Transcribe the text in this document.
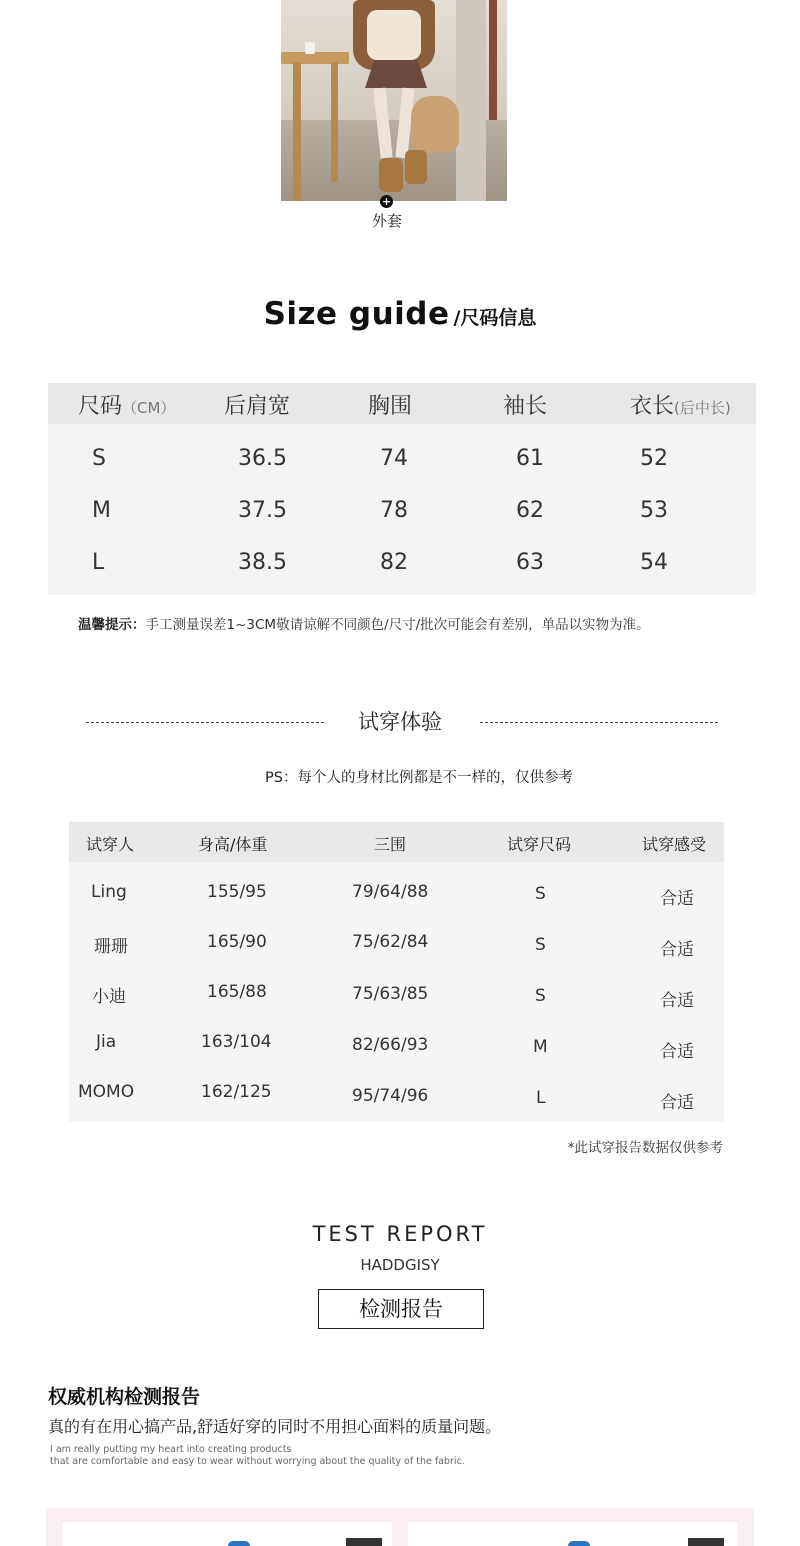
+
外套
Size guide /尺码信息
尺码（CM） 后肩宽	胸围	袖长	衣长(后中长)
S	36.5	74	61	52
M	37.5	78	62	53
L	38.5	82	63	54
温馨提示：手工测量误差1~3CM敬请谅解不同颜色/尺寸/批次可能会有差别，单品以实物为准。
试穿体验
PS：每个人的身材比例都是不一样的，仅供参考
试穿人	身高/体重	三围	试穿尺码	试穿感受
Ling	155/95	79/64/88	S	合适
珊珊	165/90	75/62/84	S	合适
小迪	165/88	75/63/85	S	合适
Jia	163/104	82/66/93	M	合适
MOMO	162/125	95/74/96	L	合适
*此试穿报告数据仅供参考
TEST REPORT
HADDGISY
检测报告
权威机构检测报告
真的有在用心搞产品,舒适好穿的同时不用担心面料的质量问题。
I am really putting my heart into creating products
that are comfortable and easy to wear without worrying about the quality of the fabric.
